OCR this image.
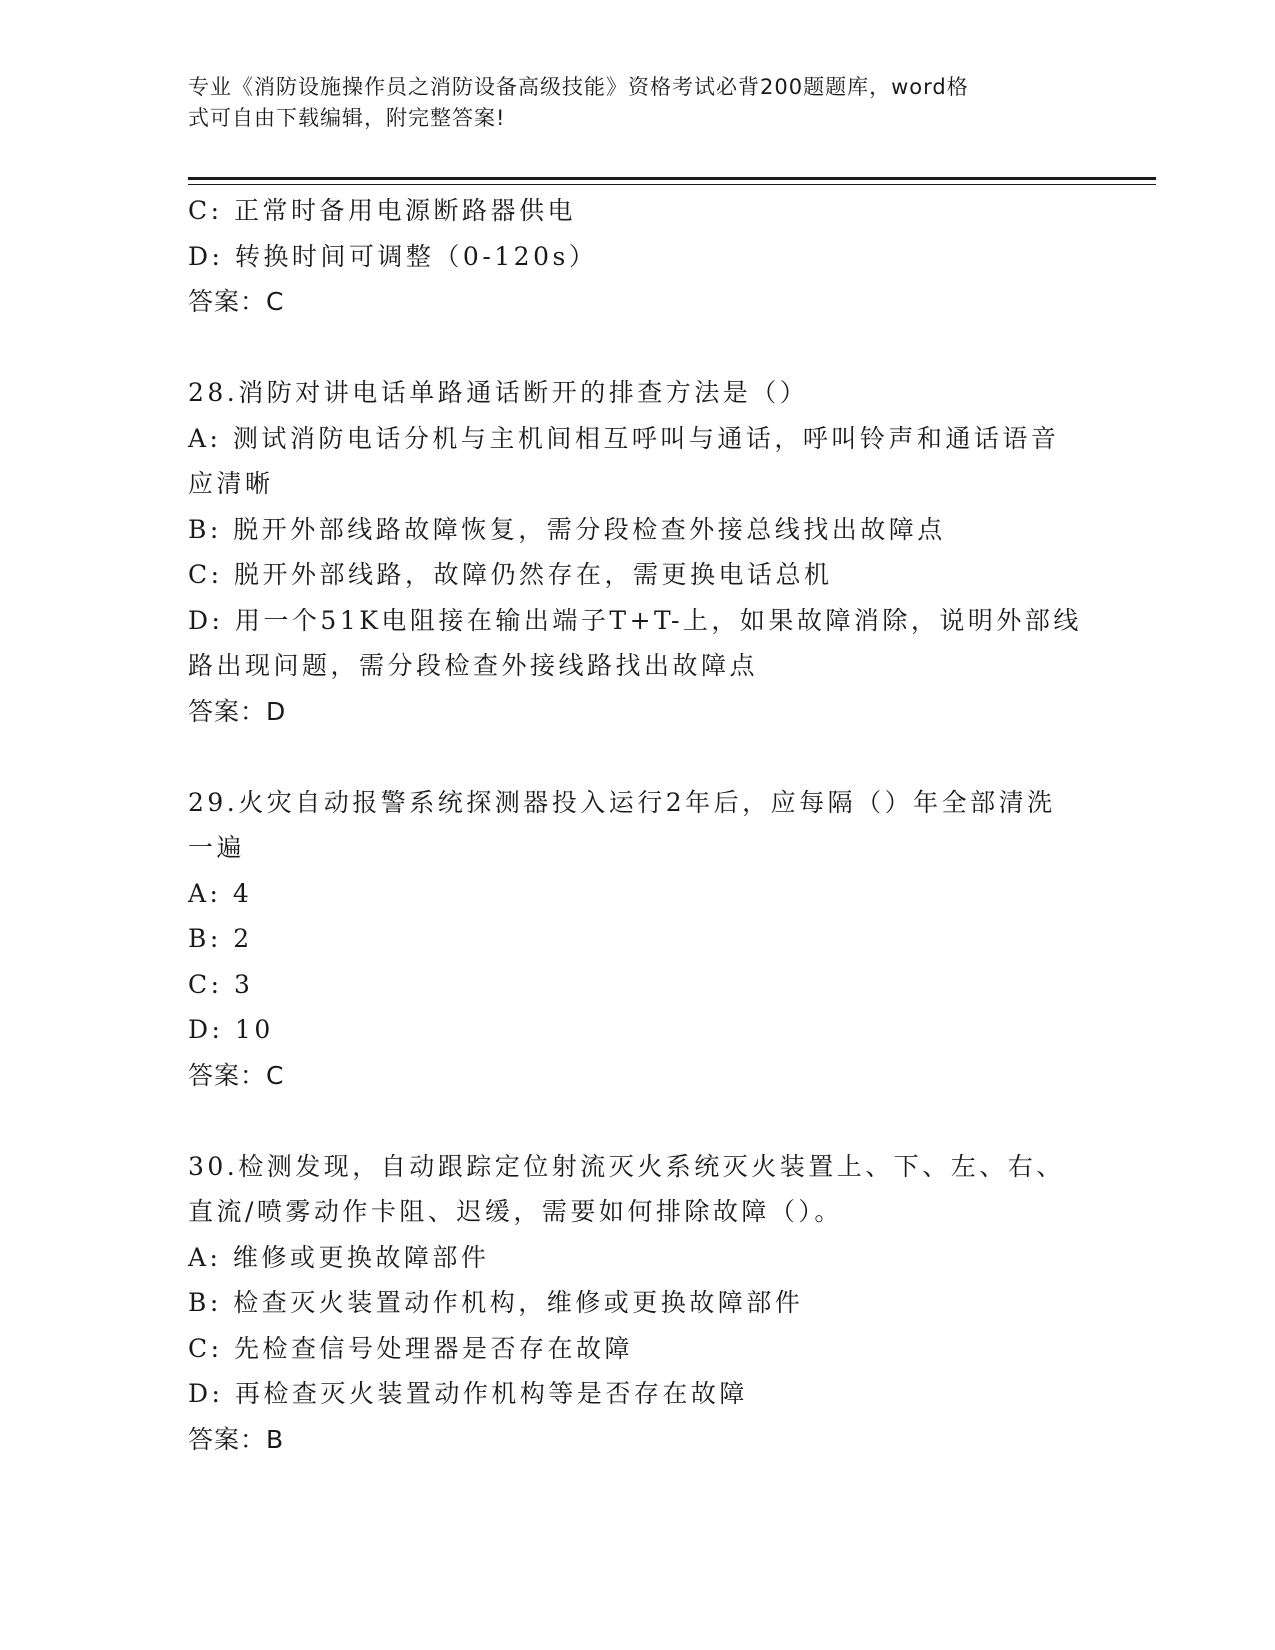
专业《消防设施操作员之消防设备高级技能》资格考试必背200题题库，word格
式可自由下载编辑，附完整答案!
C: 正常时备用电源断路器供电
D: 转换时间可调整（0-120s）
答案：C
28.消防对讲电话单路通话断开的排查方法是（）
A: 测试消防电话分机与主机间相互呼叫与通话，呼叫铃声和通话语音
应清晰
B: 脱开外部线路故障恢复，需分段检查外接总线找出故障点
C: 脱开外部线路，故障仍然存在，需更换电话总机
D: 用一个51K电阻接在输出端子T+T-上，如果故障消除，说明外部线
路出现问题，需分段检查外接线路找出故障点
答案：D
29.火灾自动报警系统探测器投入运行2年后，应每隔（）年全部清洗
一遍
A: 4
B: 2
C: 3
D: 10
答案：C
30.检测发现，自动跟踪定位射流灭火系统灭火装置上、下、左、右、
直流/喷雾动作卡阻、迟缓，需要如何排除故障（）。
A: 维修或更换故障部件
B: 检查灭火装置动作机构，维修或更换故障部件
C: 先检查信号处理器是否存在故障
D: 再检查灭火装置动作机构等是否存在故障
答案：B
